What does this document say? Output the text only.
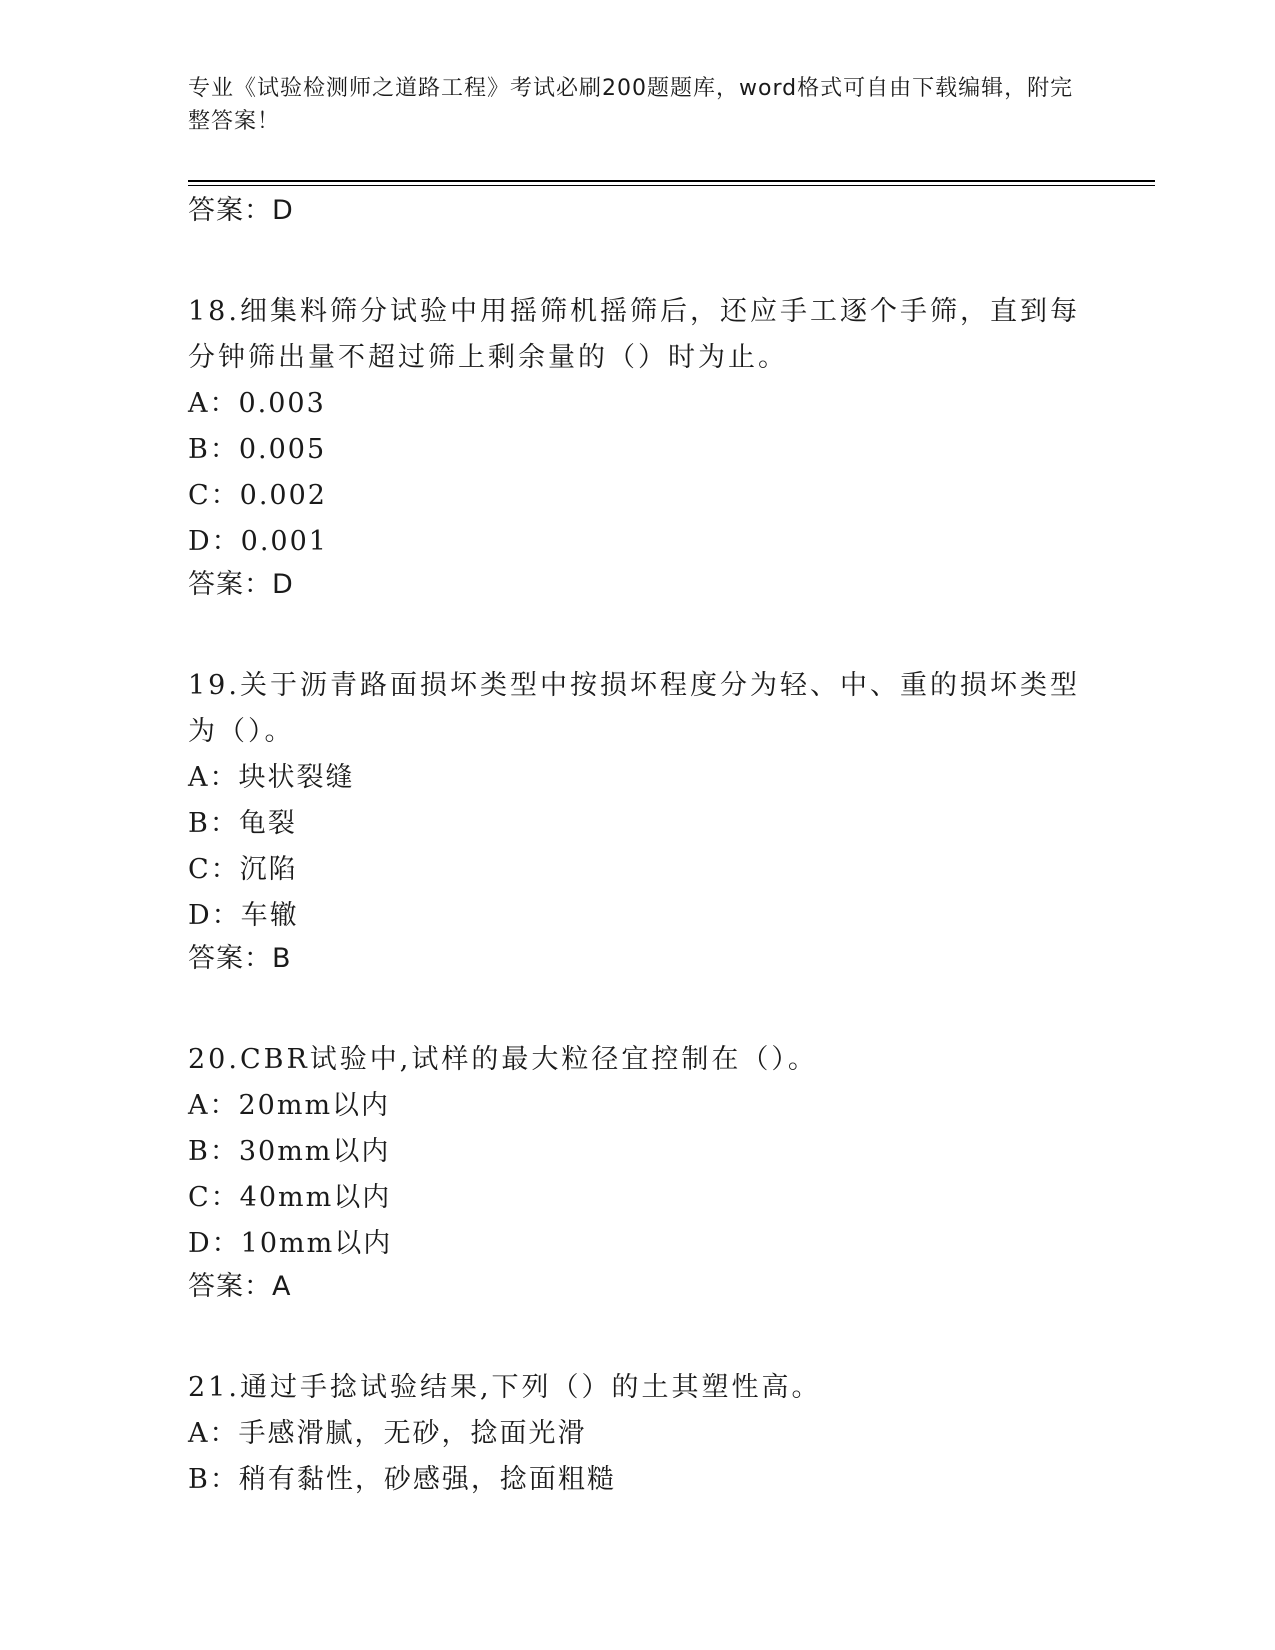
专业《试验检测师之道路工程》考试必刷200题题库，word格式可自由下载编辑，附完整答案！
答案：D

18.细集料筛分试验中用摇筛机摇筛后，还应手工逐个手筛，直到每分钟筛出量不超过筛上剩余量的（）时为止。

A：0.003
B：0.005
C：0.002
D：0.001
答案：D

19.关于沥青路面损坏类型中按损坏程度分为轻、中、重的损坏类型为（）。

A：块状裂缝
B：龟裂
C：沉陷
D：车辙
答案：B

20.CBR试验中,试样的最大粒径宜控制在（）。

A：20mm以内
B：30mm以内
C：40mm以内
D：10mm以内
答案：A

21.通过手捻试验结果,下列（）的土其塑性高。

A：手感滑腻，无砂，捻面光滑
B：稍有黏性，砂感强，捻面粗糙
